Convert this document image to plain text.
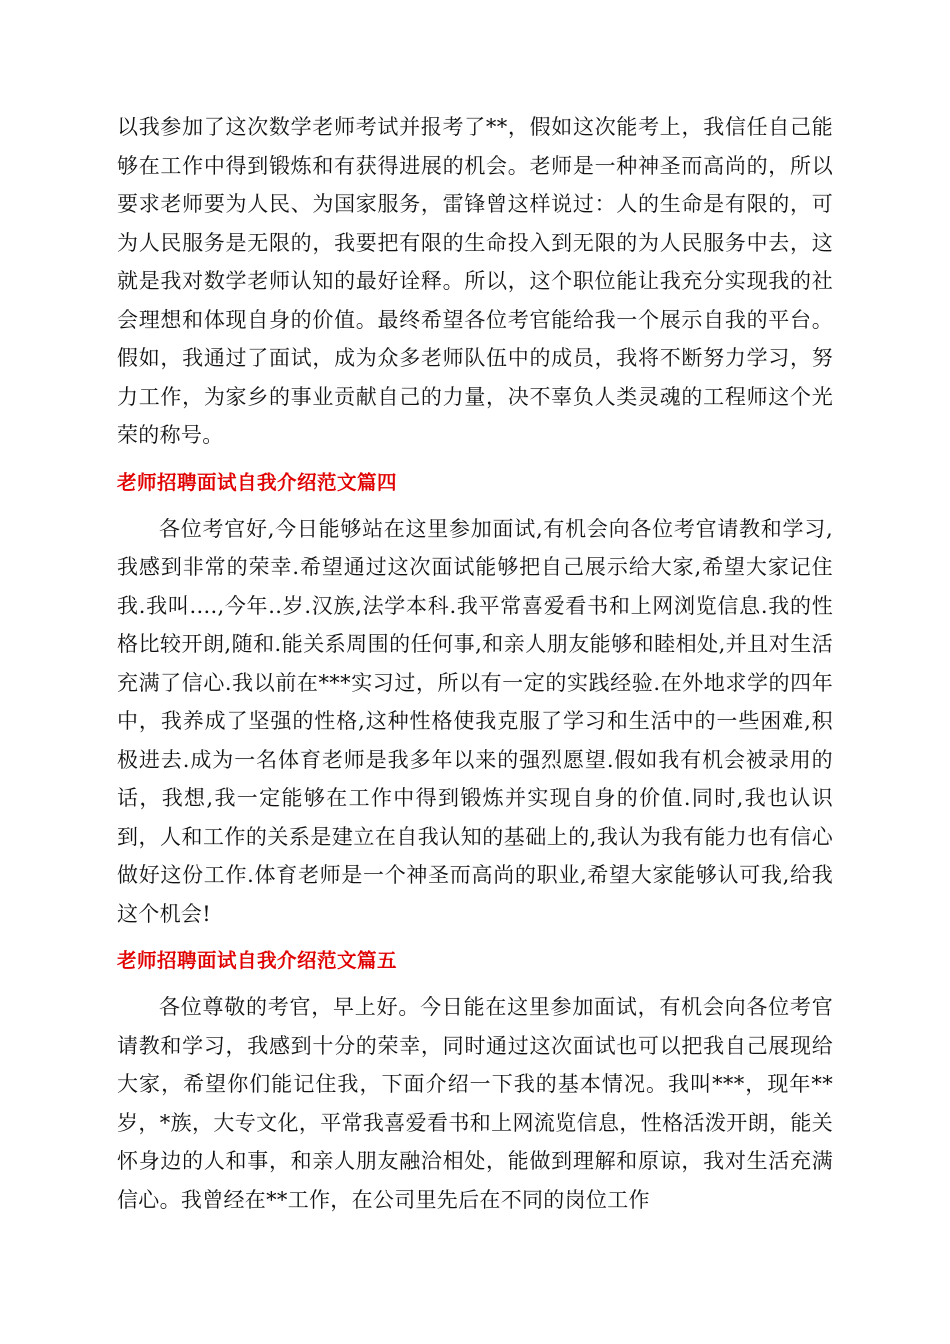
以我参加了这次数学老师考试并报考了**，假如这次能考上，我信任自己能够在工作中得到锻炼和有获得进展的机会。老师是一种神圣而高尚的，所以要求老师要为人民、为国家服务，雷锋曾这样说过：人的生命是有限的，可为人民服务是无限的，我要把有限的生命投入到无限的为人民服务中去，这就是我对数学老师认知的最好诠释。所以，这个职位能让我充分实现我的社会理想和体现自身的价值。最终希望各位考官能给我一个展示自我的平台。假如，我通过了面试，成为众多老师队伍中的成员，我将不断努力学习，努力工作，为家乡的事业贡献自己的力量，决不辜负人类灵魂的工程师这个光荣的称号。

老师招聘面试自我介绍范文篇四

各位考官好,今日能够站在这里参加面试,有机会向各位考官请教和学习,我感到非常的荣幸.希望通过这次面试能够把自己展示给大家,希望大家记住我.我叫....,今年..岁.汉族,法学本科.我平常喜爱看书和上网浏览信息.我的性格比较开朗,随和.能关系周围的任何事,和亲人朋友能够和睦相处,并且对生活充满了信心.我以前在***实习过，所以有一定的实践经验.在外地求学的四年中，我养成了坚强的性格,这种性格使我克服了学习和生活中的一些困难,积极进去.成为一名体育老师是我多年以来的强烈愿望.假如我有机会被录用的话，我想,我一定能够在工作中得到锻炼并实现自身的价值.同时,我也认识到，人和工作的关系是建立在自我认知的基础上的,我认为我有能力也有信心做好这份工作.体育老师是一个神圣而高尚的职业,希望大家能够认可我,给我这个机会!

老师招聘面试自我介绍范文篇五

各位尊敬的考官，早上好。今日能在这里参加面试，有机会向各位考官请教和学习，我感到十分的荣幸，同时通过这次面试也可以把我自己展现给大家，希望你们能记住我，下面介绍一下我的基本情况。我叫***，现年**岁，*族，大专文化，平常我喜爱看书和上网流览信息，性格活泼开朗，能关怀身边的人和事，和亲人朋友融洽相处，能做到理解和原谅，我对生活充满信心。我曾经在**工作，在公司里先后在不同的岗位工作
